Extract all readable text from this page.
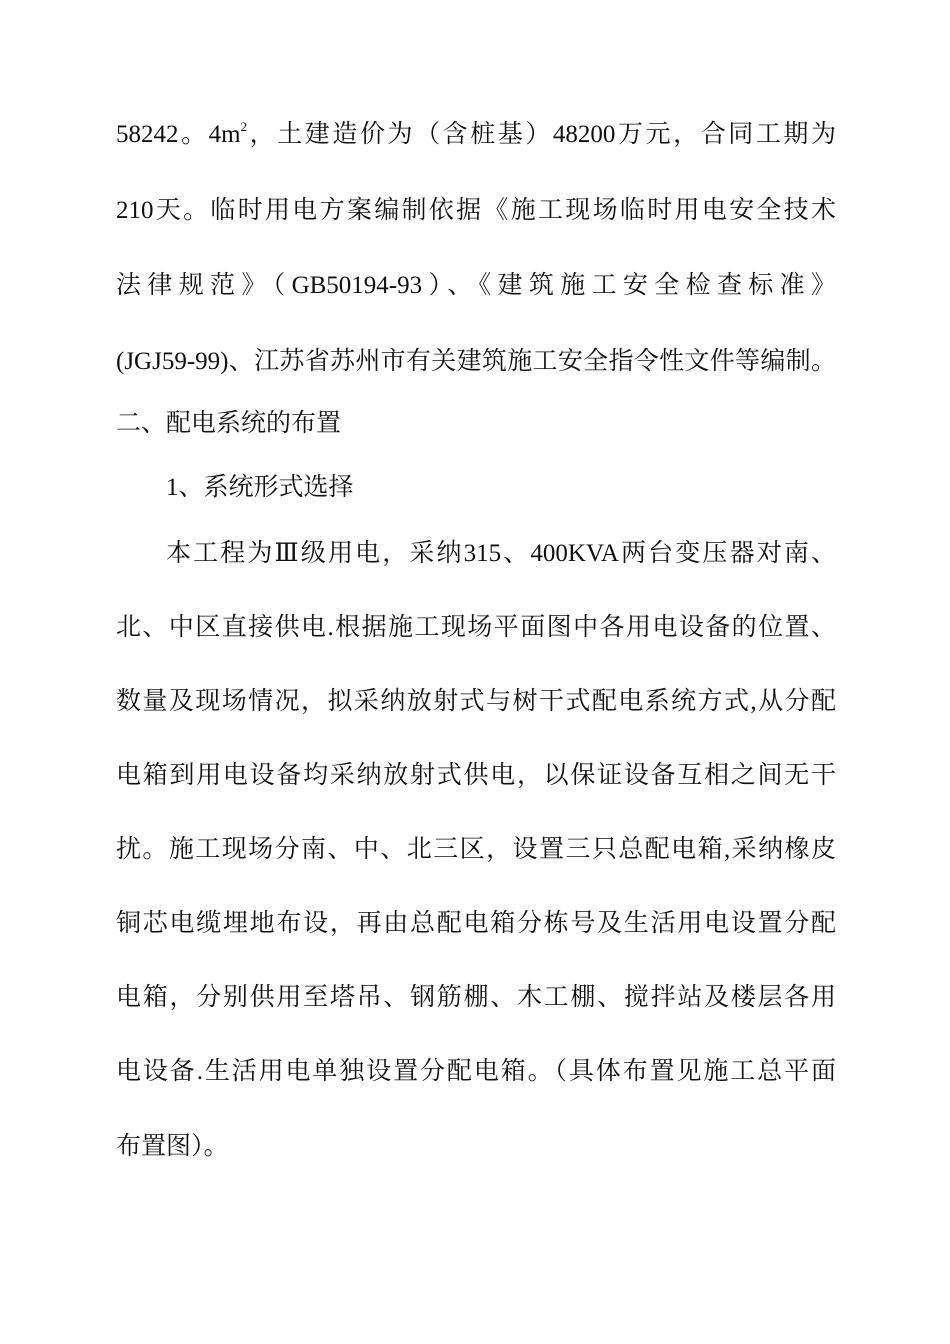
58242。$4m^2$，土建造价为（含桩基）48200万元，合同工期为
210天。临时用电方案编制依据《施工现场临时用电安全技术
法律规范》（GB50194-93）、《建筑施工安全检查标准》
(JGJ59-99)、江苏省苏州市有关建筑施工安全指令性文件等编制。
二、配电系统的布置
1、系统形式选择
本工程为Ⅲ级用电，采纳315、400KVA两台变压器对南、
北、中区直接供电.根据施工现场平面图中各用电设备的位置、
数量及现场情况，拟采纳放射式与树干式配电系统方式,从分配
电箱到用电设备均采纳放射式供电，以保证设备互相之间无干
扰。施工现场分南、中、北三区，设置三只总配电箱,采纳橡皮
铜芯电缆埋地布设，再由总配电箱分栋号及生活用电设置分配
电箱，分别供用至塔吊、钢筋棚、木工棚、搅拌站及楼层各用
电设备.生活用电单独设置分配电箱。（具体布置见施工总平面
布置图）。
